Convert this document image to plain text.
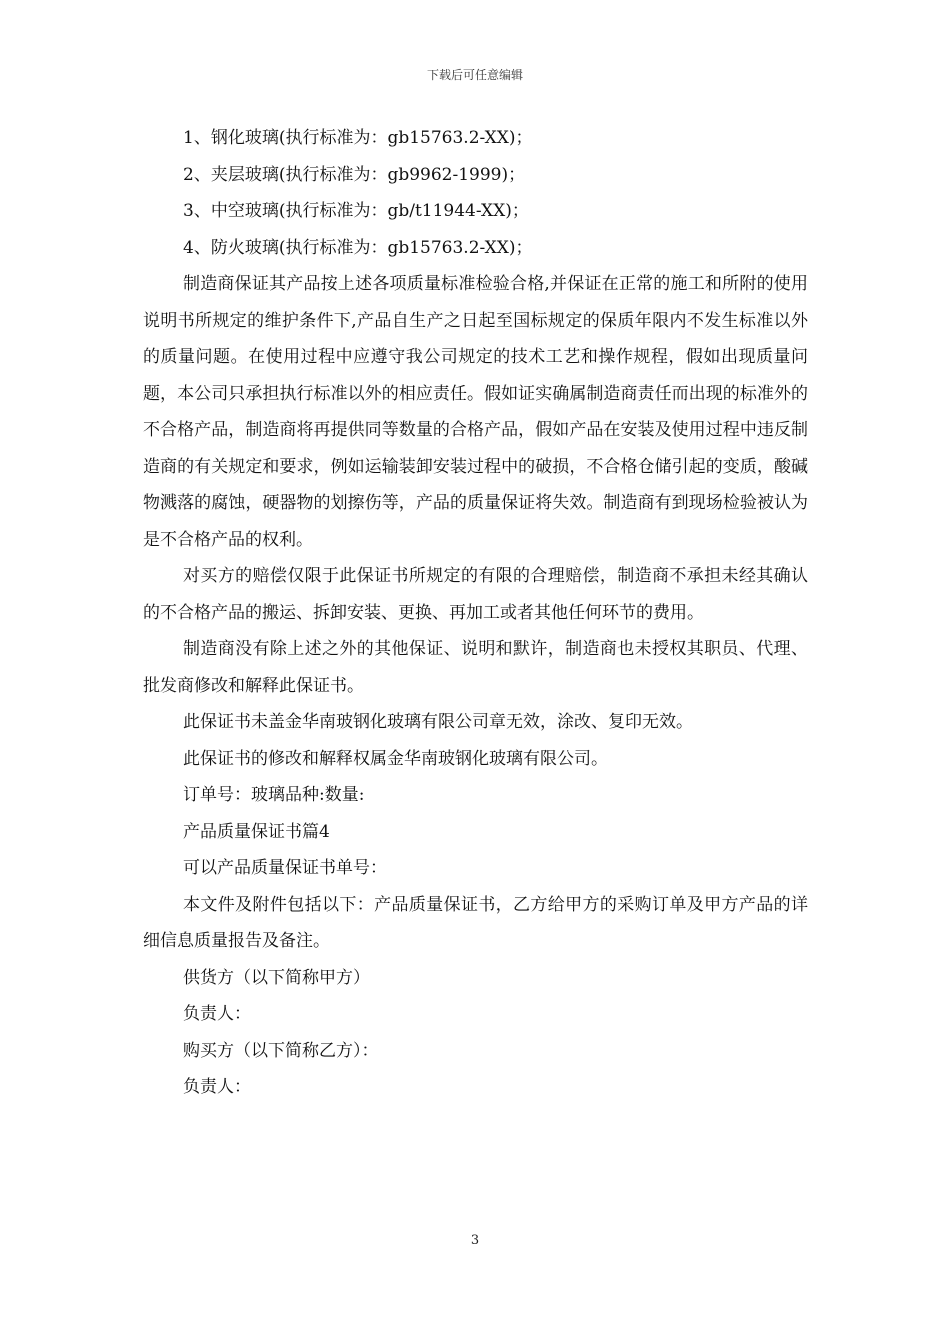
下载后可任意编辑
1、钢化玻璃(执行标准为：gb15763.2-XX)；
2、夹层玻璃(执行标准为：gb9962-1999)；
3、中空玻璃(执行标准为：gb/t11944-XX)；
4、防火玻璃(执行标准为：gb15763.2-XX)；

制造商保证其产品按上述各项质量标准检验合格,并保证在正常的施工和所附的使用说明书所规定的维护条件下,产品自生产之日起至国标规定的保质年限内不发生标准以外的质量问题。在使用过程中应遵守我公司规定的技术工艺和操作规程，假如出现质量问题，本公司只承担执行标准以外的相应责任。假如证实确属制造商责任而出现的标准外的不合格产品，制造商将再提供同等数量的合格产品，假如产品在安装及使用过程中违反制造商的有关规定和要求，例如运输装卸安装过程中的破损，不合格仓储引起的变质，酸碱物溅落的腐蚀，硬器物的划擦伤等，产品的质量保证将失效。制造商有到现场检验被认为是不合格产品的权利。

对买方的赔偿仅限于此保证书所规定的有限的合理赔偿，制造商不承担未经其确认的不合格产品的搬运、拆卸安装、更换、再加工或者其他任何环节的费用。

制造商没有除上述之外的其他保证、说明和默许，制造商也未授权其职员、代理、批发商修改和解释此保证书。

此保证书未盖金华南玻钢化玻璃有限公司章无效，涂改、复印无效。
此保证书的修改和解释权属金华南玻钢化玻璃有限公司。
订单号：玻璃品种:数量:
产品质量保证书篇4
可以产品质量保证书单号：

本文件及附件包括以下：产品质量保证书，乙方给甲方的采购订单及甲方产品的详细信息质量报告及备注。

供货方（以下简称甲方）
负责人：
购买方（以下简称乙方）：
负责人：
3
